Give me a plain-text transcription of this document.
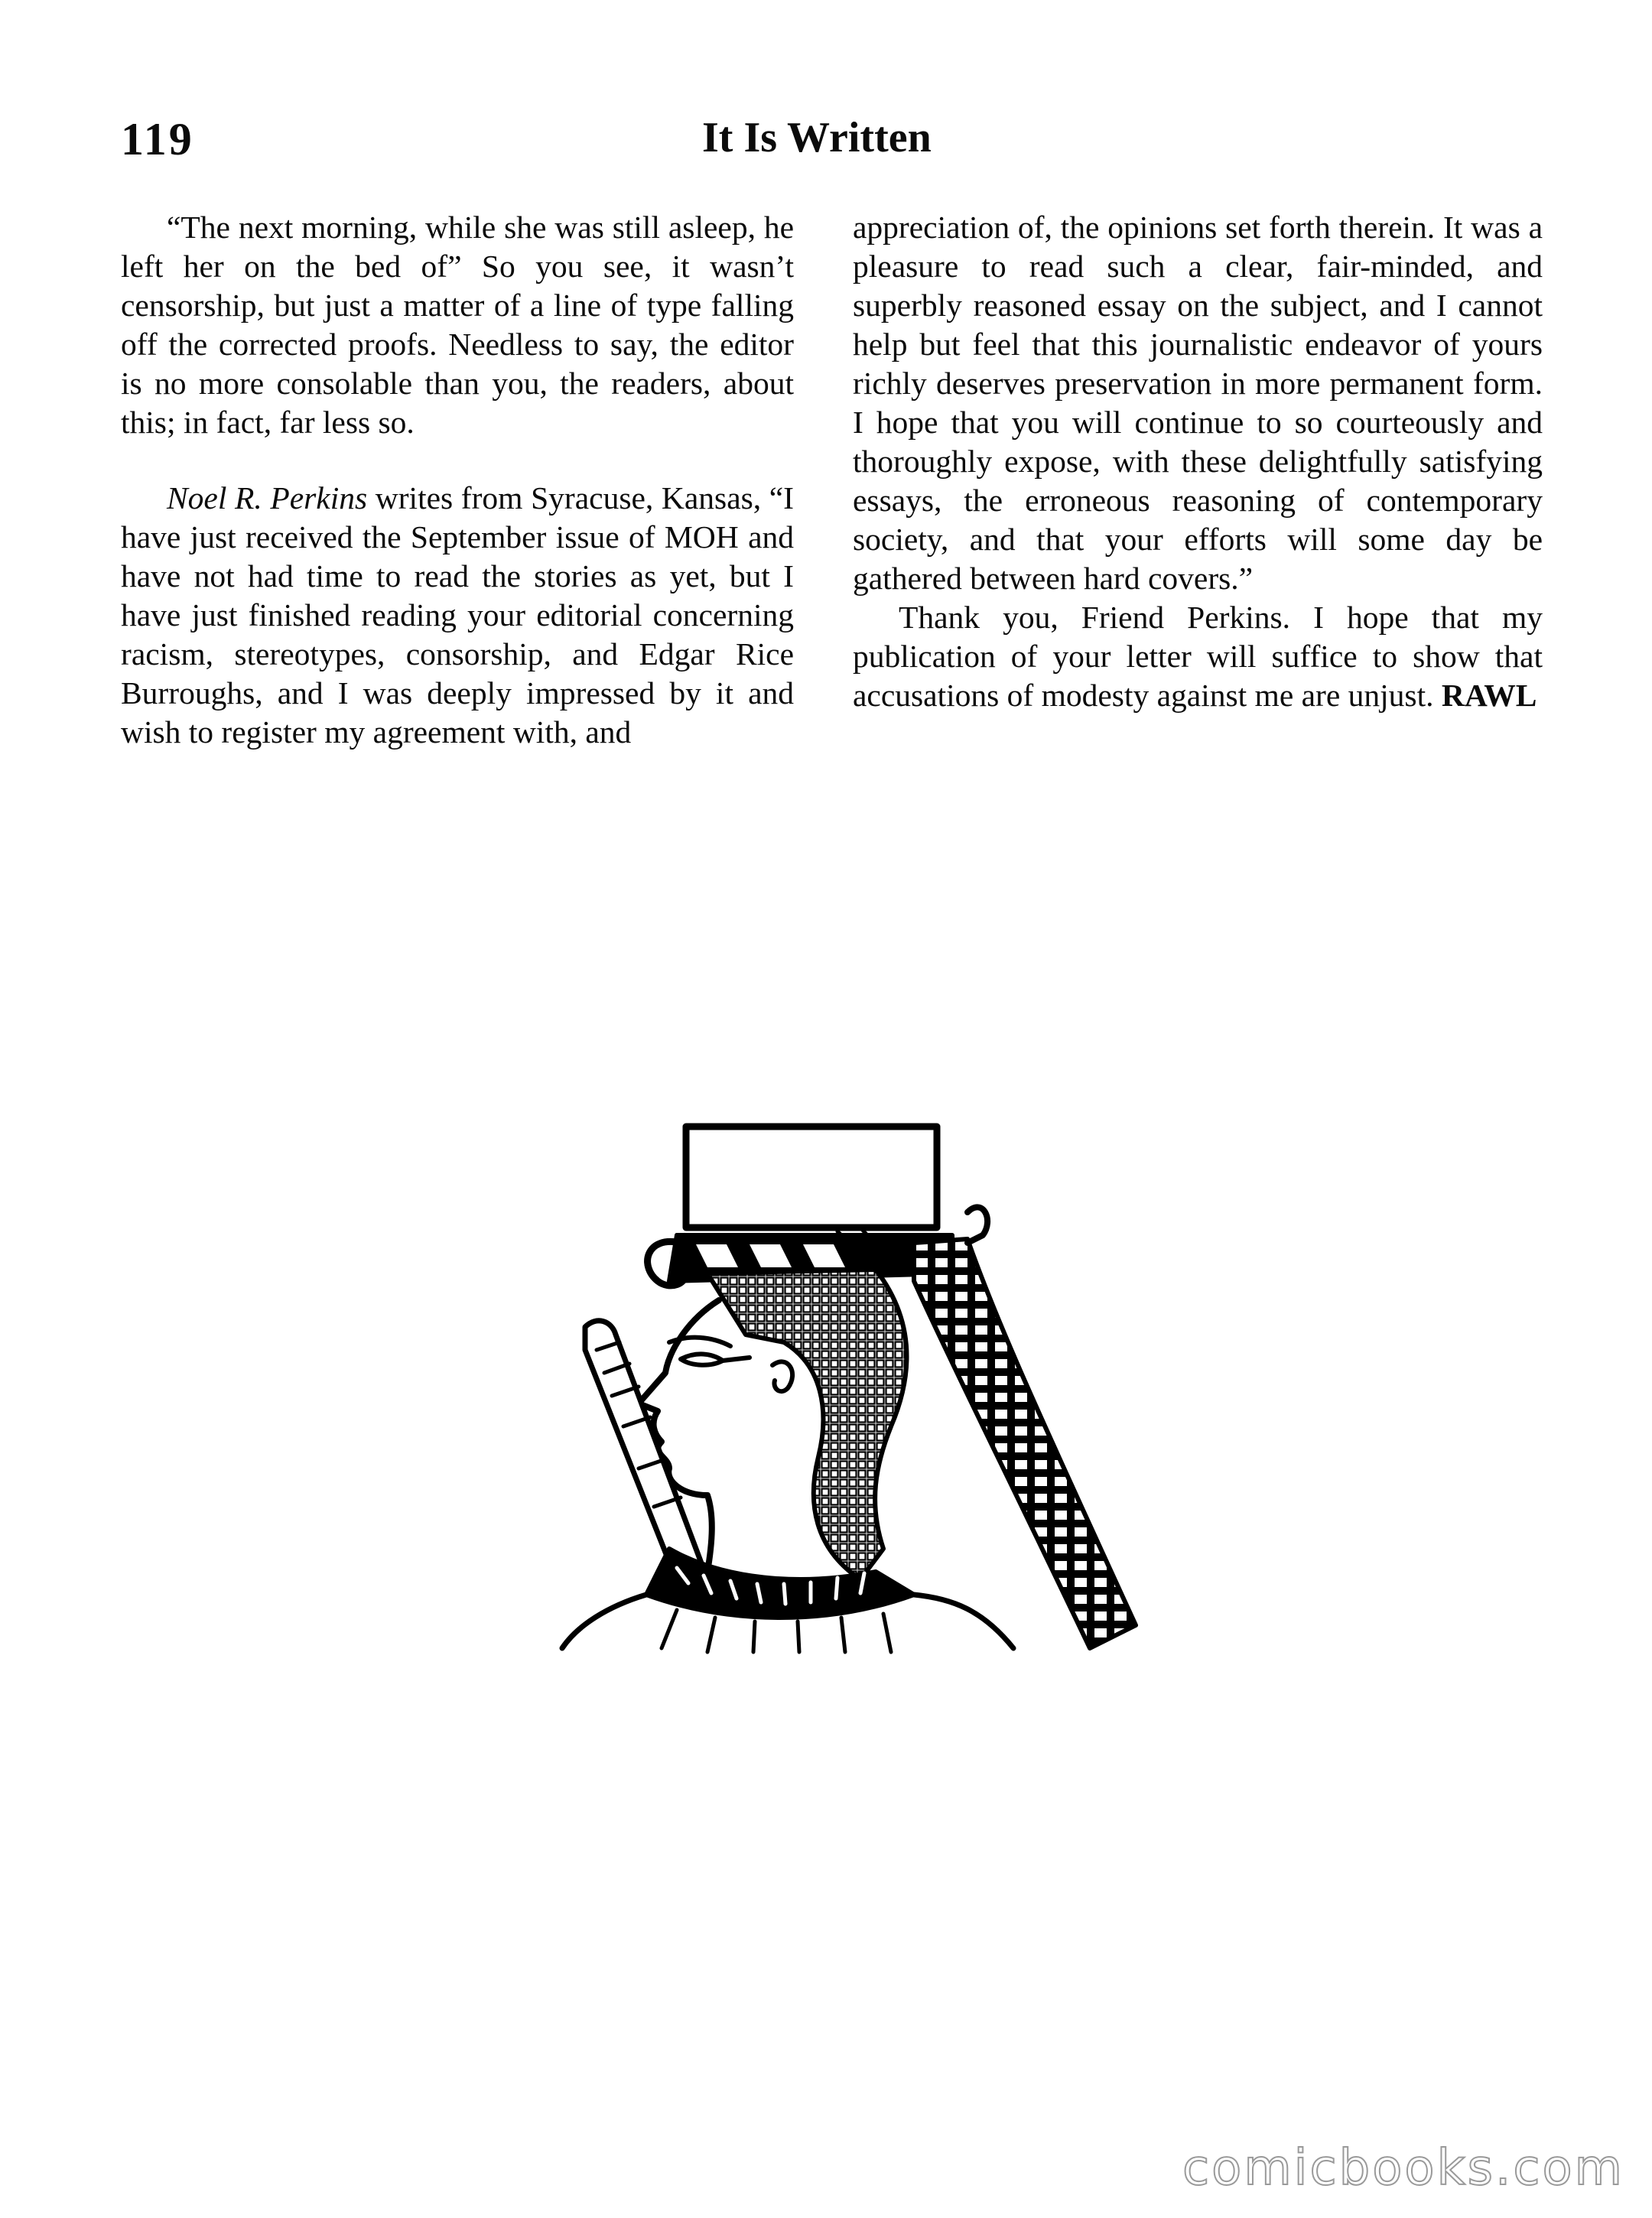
119	It Is Written

“The next morning, while she was still asleep, he left her on the bed of” So you see, it wasn’t censorship, but just a matter of a line of type falling off the corrected proofs. Needless to say, the editor is no more consolable than you, the readers, about this; in fact, far less so.

Noel R. Perkins writes from Syracuse, Kansas, “I have just received the September issue of MOH and have not had time to read the stories as yet, but I have just finished reading your editorial concerning racism, stereotypes, consorship, and Edgar Rice Burroughs, and I was deeply impressed by it and wish to register my agreement with, and

appreciation of, the opinions set forth therein. It was a pleasure to read such a clear, fair-minded, and superbly reasoned essay on the subject, and I cannot help but feel that this journalistic endeavor of yours richly deserves preservation in more permanent form. I hope that you will continue to so courteously and thoroughly expose, with these delightfully satisfying essays, the erroneous reasoning of contemporary society, and that your efforts will some day be gathered between hard covers.”

Thank you, Friend Perkins. I hope that my publication of your letter will suffice to show that accusations of modesty against me are unjust. RAWL

comicbooks.com
